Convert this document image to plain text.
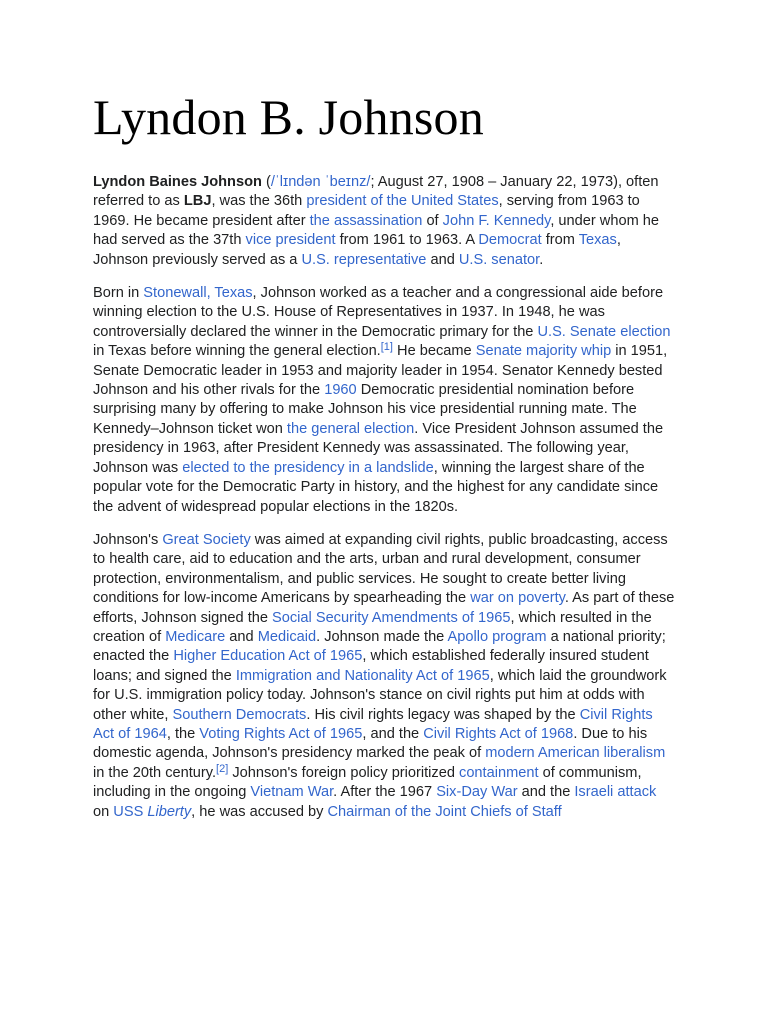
Lyndon B. Johnson

Lyndon Baines Johnson (/ˈlɪndən ˈbeɪnz/; August 27, 1908 – January 22, 1973), often referred to as LBJ, was the 36th president of the United States, serving from 1963 to 1969. He became president after the assassination of John F. Kennedy, under whom he had served as the 37th vice president from 1961 to 1963. A Democrat from Texas, Johnson previously served as a U.S. representative and U.S. senator.

Born in Stonewall, Texas, Johnson worked as a teacher and a congressional aide before winning election to the U.S. House of Representatives in 1937. In 1948, he was controversially declared the winner in the Democratic primary for the U.S. Senate election in Texas before winning the general election.[1] He became Senate majority whip in 1951, Senate Democratic leader in 1953 and majority leader in 1954. Senator Kennedy bested Johnson and his other rivals for the 1960 Democratic presidential nomination before surprising many by offering to make Johnson his vice presidential running mate. The Kennedy–Johnson ticket won the general election. Vice President Johnson assumed the presidency in 1963, after President Kennedy was assassinated. The following year, Johnson was elected to the presidency in a landslide, winning the largest share of the popular vote for the Democratic Party in history, and the highest for any candidate since the advent of widespread popular elections in the 1820s.

Johnson's Great Society was aimed at expanding civil rights, public broadcasting, access to health care, aid to education and the arts, urban and rural development, consumer protection, environmentalism, and public services. He sought to create better living conditions for low-income Americans by spearheading the war on poverty. As part of these efforts, Johnson signed the Social Security Amendments of 1965, which resulted in the creation of Medicare and Medicaid. Johnson made the Apollo program a national priority; enacted the Higher Education Act of 1965, which established federally insured student loans; and signed the Immigration and Nationality Act of 1965, which laid the groundwork for U.S. immigration policy today. Johnson's stance on civil rights put him at odds with other white, Southern Democrats. His civil rights legacy was shaped by the Civil Rights Act of 1964, the Voting Rights Act of 1965, and the Civil Rights Act of 1968. Due to his domestic agenda, Johnson's presidency marked the peak of modern American liberalism in the 20th century.[2] Johnson's foreign policy prioritized containment of communism, including in the ongoing Vietnam War. After the 1967 Six-Day War and the Israeli attack on USS Liberty, he was accused by Chairman of the Joint Chiefs of Staff
